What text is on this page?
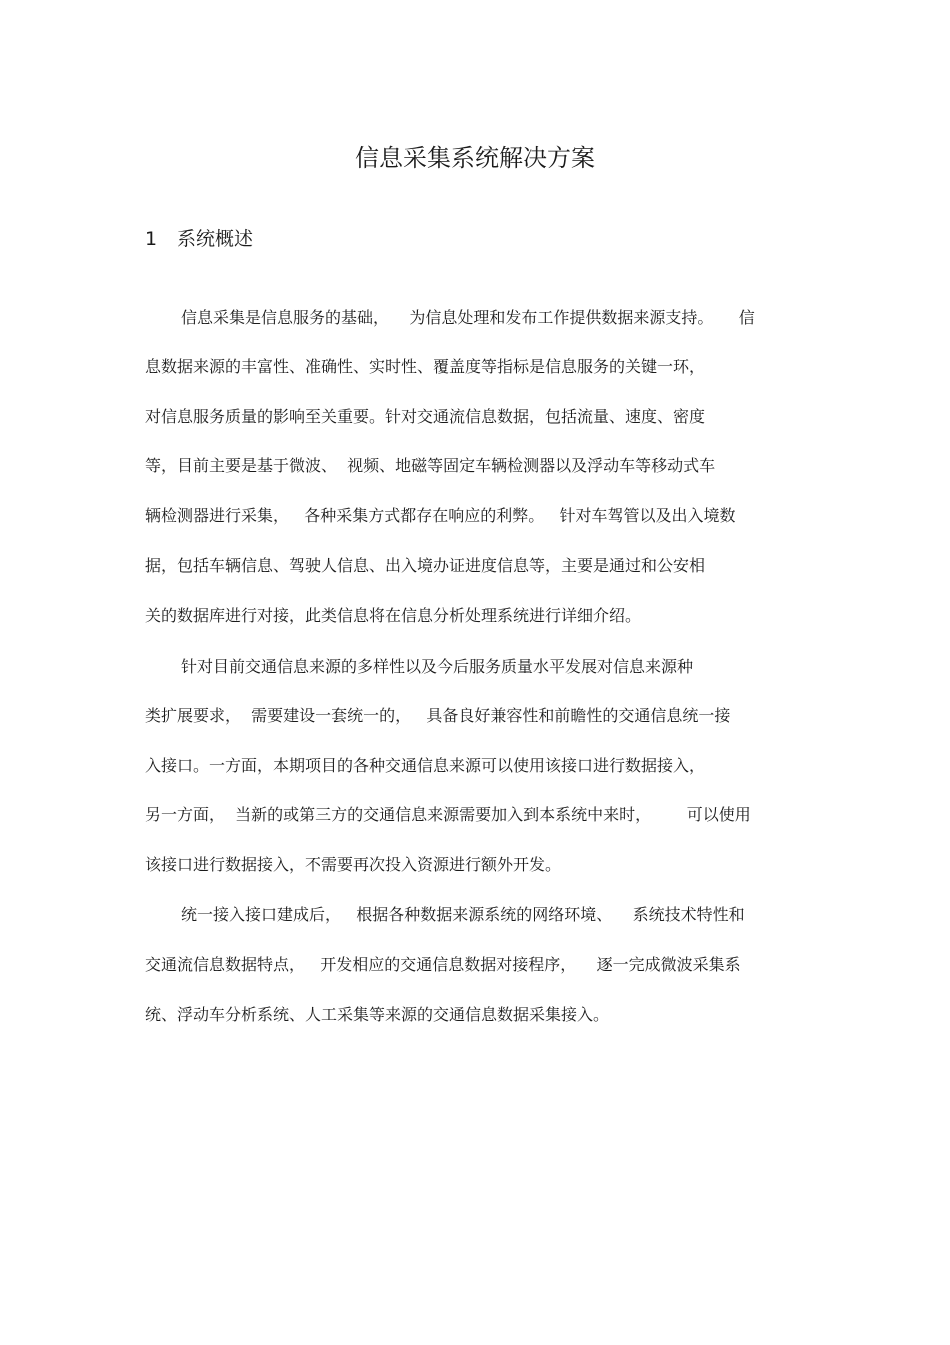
信息采集系统解决方案
1 系统概述
信息采集是信息服务的基础，    为信息处理和发布工作提供数据来源支持。     信
息数据来源的丰富性、准确性、实时性、覆盖度等指标是信息服务的关键一环，
对信息服务质量的影响至关重要。针对交通流信息数据，包括流量、速度、密度
等，目前主要是基于微波、  视频、地磁等固定车辆检测器以及浮动车等移动式车
辆检测器进行采集，   各种采集方式都存在响应的利弊。   针对车驾管以及出入境数
据，包括车辆信息、驾驶人信息、出入境办证进度信息等，主要是通过和公安相
关的数据库进行对接，此类信息将在信息分析处理系统进行详细介绍。
针对目前交通信息来源的多样性以及今后服务质量水平发展对信息来源种
类扩展要求，  需要建设一套统一的，   具备良好兼容性和前瞻性的交通信息统一接
入接口。一方面，本期项目的各种交通信息来源可以使用该接口进行数据接入，
另一方面，  当新的或第三方的交通信息来源需要加入到本系统中来时，       可以使用
该接口进行数据接入，不需要再次投入资源进行额外开发。
统一接入接口建成后，   根据各种数据来源系统的网络环境、    系统技术特性和
交通流信息数据特点，   开发相应的交通信息数据对接程序，    逐一完成微波采集系
统、浮动车分析系统、人工采集等来源的交通信息数据采集接入。
